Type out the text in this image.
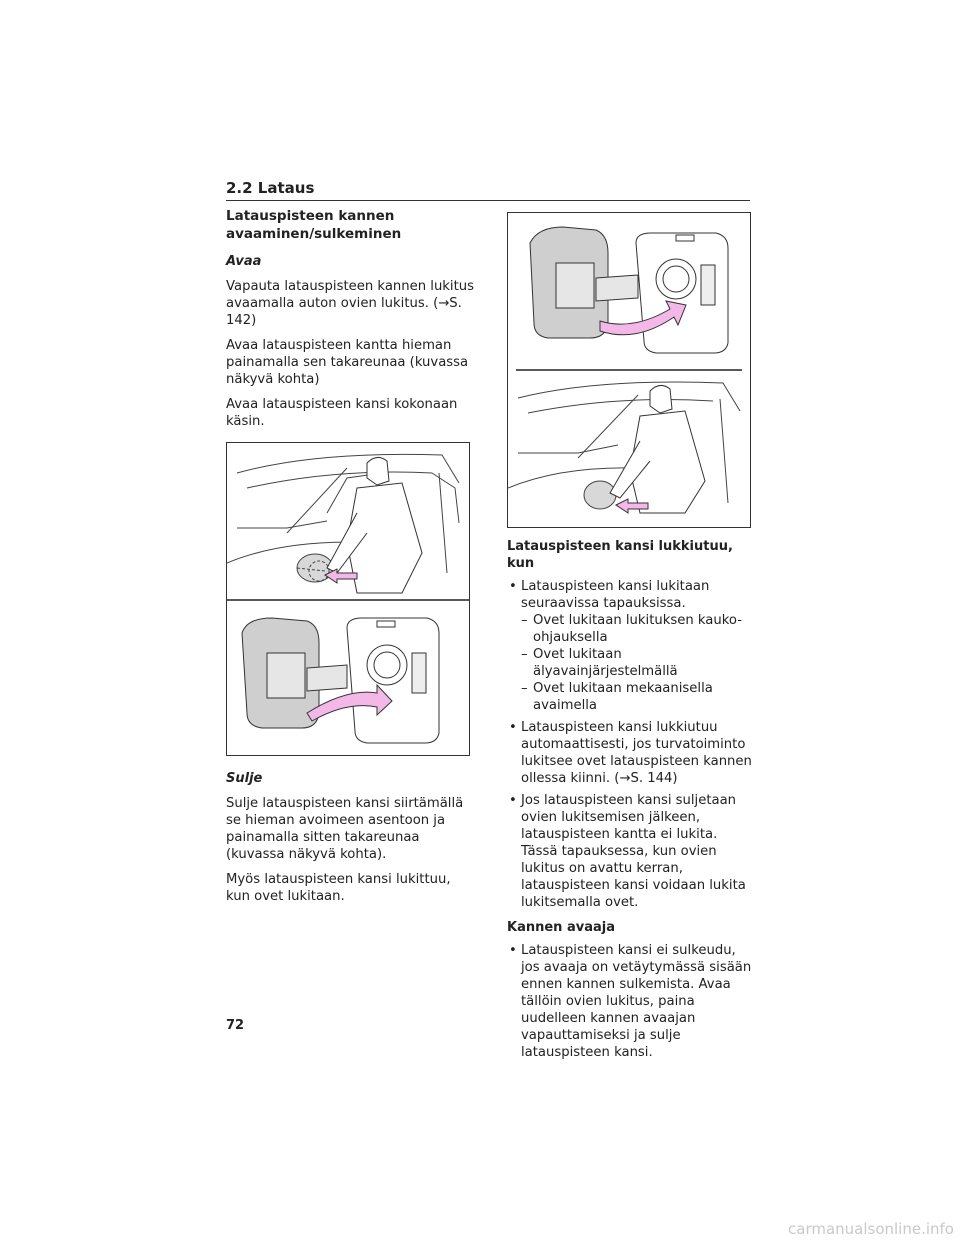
2.2 Lataus
Latauspisteen kannen avaaminen/sulkeminen
Avaa

Vapauta latauspisteen kannen lukitus avaamalla auton ovien lukitus. (→S. 142)

Avaa latauspisteen kantta hieman painamalla sen takareunaa (kuvassa näkyvä kohta)

Avaa latauspisteen kansi kokonaan käsin.

Sulje

Sulje latauspisteen kansi siirtämällä se hieman avoimeen asentoon ja painamalla sitten takareunaa (kuvassa näkyvä kohta).

Myös latauspisteen kansi lukittuu, kun ovet lukitaan.

Latauspisteen kansi lukkiutuu, kun
• Latauspisteen kansi lukitaan seuraavissa tapauksissa.
– Ovet lukitaan lukituksen kauko-ohjauksella
– Ovet lukitaan älyavainjärjestelmällä
– Ovet lukitaan mekaanisella avaimella
• Latauspisteen kansi lukkiutuu automaattisesti, jos turvatoiminto lukitsee ovet latauspisteen kannen ollessa kiinni. (→S. 144)
• Jos latauspisteen kansi suljetaan ovien lukitsemisen jälkeen, latauspisteen kantta ei lukita. Tässä tapauksessa, kun ovien lukitus on avattu kerran, latauspisteen kansi voidaan lukita lukitsemalla ovet.
Kannen avaaja
• Latauspisteen kansi ei sulkeudu, jos avaaja on vetäytymässä sisään ennen kannen sulkemista. Avaa tällöin ovien lukitus, paina uudelleen kannen avaajan vapauttamiseksi ja sulje latauspisteen kansi.
72
carmanualsonline.info
